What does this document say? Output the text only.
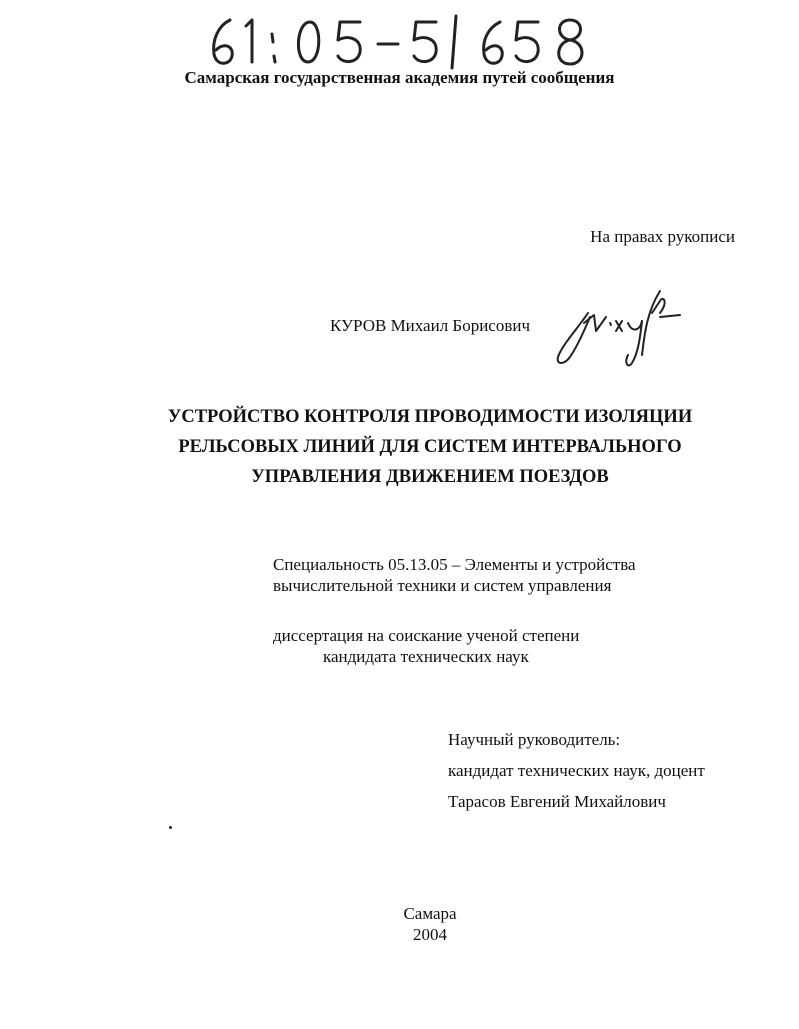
Самарская государственная академия путей сообщения
На правах рукописи
КУРОВ Михаил Борисович
УСТРОЙСТВО КОНТРОЛЯ ПРОВОДИМОСТИ ИЗОЛЯЦИИ
РЕЛЬСОВЫХ ЛИНИЙ ДЛЯ СИСТЕМ ИНТЕРВАЛЬНОГО
УПРАВЛЕНИЯ ДВИЖЕНИЕМ ПОЕЗДОВ
Специальность 05.13.05 – Элементы и устройства
вычислительной техники и систем управления
диссертация на соискание ученой степени
кандидата технических наук
Научный руководитель:
кандидат технических наук, доцент
Тарасов Евгений Михайлович
Самара
2004
